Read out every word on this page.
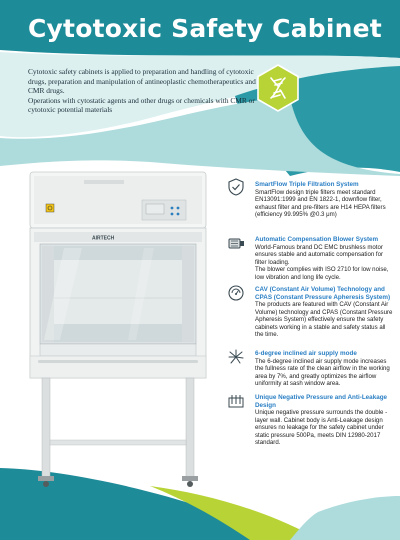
Cytotoxic Safety Cabinet

Cytotoxic safety cabinets is applied to preparation and handling of cytotoxic drugs, preparation and manipulation of antineoplastic chemotherapeutics and CMR drugs.

Operations with cytostatic agents and other drugs or chemicals with CMR or cytotoxic potential materials

AIRTECH
SmartFlow Triple Filtration System
SmartFlow design triple filters meet standard EN13091:1999 and EN 1822-1, downflow filter, exhaust filter and pre-filters are H14 HEPA filters (efficiency 99.995% @0.3 μm)
Automatic Compensation Blower System
World-Famous brand DC EMC brushless motor ensures stable and automatic compensation for filter loading.
The blower complies with ISO 2710 for low noise, low vibration and long life cycle.
CAV (Constant Air Volume) Technology and CPAS (Constant Pressure Apheresis System)
The products are featured with CAV (Constant Air Volume) technology and CPAS (Constant Pressure Apheresis System) effectively ensure the safety cabinets working in a stable and safety status all the time.
6-degree inclined air supply mode
The 6-degree inclined air supply mode increases the fullness rate of the clean airflow in the working area by 7%, and greatly optimizes the airflow uniformity at sash window area.
Unique Negative Pressure and Anti-Leakage Design
Unique negative pressure surrounds the double -layer wall. Cabinet body is Anti-Leakage design ensures no leakage for the safety cabinet under static pressure 500Pa, meets DIN 12980-2017 standard.
